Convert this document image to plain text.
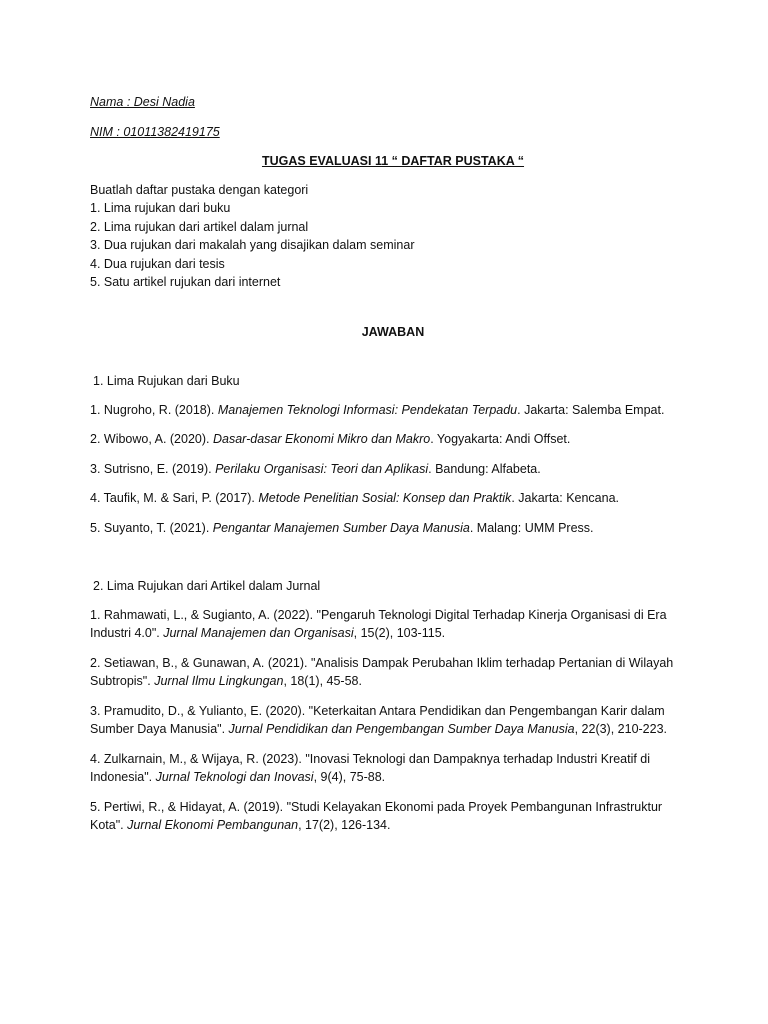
Nama : Desi Nadia

NIM : 01011382419175

TUGAS EVALUASI 11 “ DAFTAR PUSTAKA “

Buatlah daftar pustaka dengan kategori
1. Lima rujukan dari buku
2. Lima rujukan dari artikel dalam jurnal
3. Dua rujukan dari makalah yang disajikan dalam seminar
4. Dua rujukan dari tesis
5. Satu artikel rujukan dari internet
JAWABAN
1. Lima Rujukan dari Buku
1. Nugroho, R. (2018). Manajemen Teknologi Informasi: Pendekatan Terpadu. Jakarta: Salemba Empat.
2. Wibowo, A. (2020). Dasar-dasar Ekonomi Mikro dan Makro. Yogyakarta: Andi Offset.
3. Sutrisno, E. (2019). Perilaku Organisasi: Teori dan Aplikasi. Bandung: Alfabeta.
4. Taufik, M. & Sari, P. (2017). Metode Penelitian Sosial: Konsep dan Praktik. Jakarta: Kencana.
5. Suyanto, T. (2021). Pengantar Manajemen Sumber Daya Manusia. Malang: UMM Press.
2. Lima Rujukan dari Artikel dalam Jurnal
1. Rahmawati, L., & Sugianto, A. (2022). "Pengaruh Teknologi Digital Terhadap Kinerja Organisasi di Era Industri 4.0". Jurnal Manajemen dan Organisasi, 15(2), 103-115.
2. Setiawan, B., & Gunawan, A. (2021). "Analisis Dampak Perubahan Iklim terhadap Pertanian di Wilayah Subtropis". Jurnal Ilmu Lingkungan, 18(1), 45-58.
3. Pramudito, D., & Yulianto, E. (2020). "Keterkaitan Antara Pendidikan dan Pengembangan Karir dalam Sumber Daya Manusia". Jurnal Pendidikan dan Pengembangan Sumber Daya Manusia, 22(3), 210-223.
4. Zulkarnain, M., & Wijaya, R. (2023). "Inovasi Teknologi dan Dampaknya terhadap Industri Kreatif di Indonesia". Jurnal Teknologi dan Inovasi, 9(4), 75-88.
5. Pertiwi, R., & Hidayat, A. (2019). "Studi Kelayakan Ekonomi pada Proyek Pembangunan Infrastruktur Kota". Jurnal Ekonomi Pembangunan, 17(2), 126-134.
